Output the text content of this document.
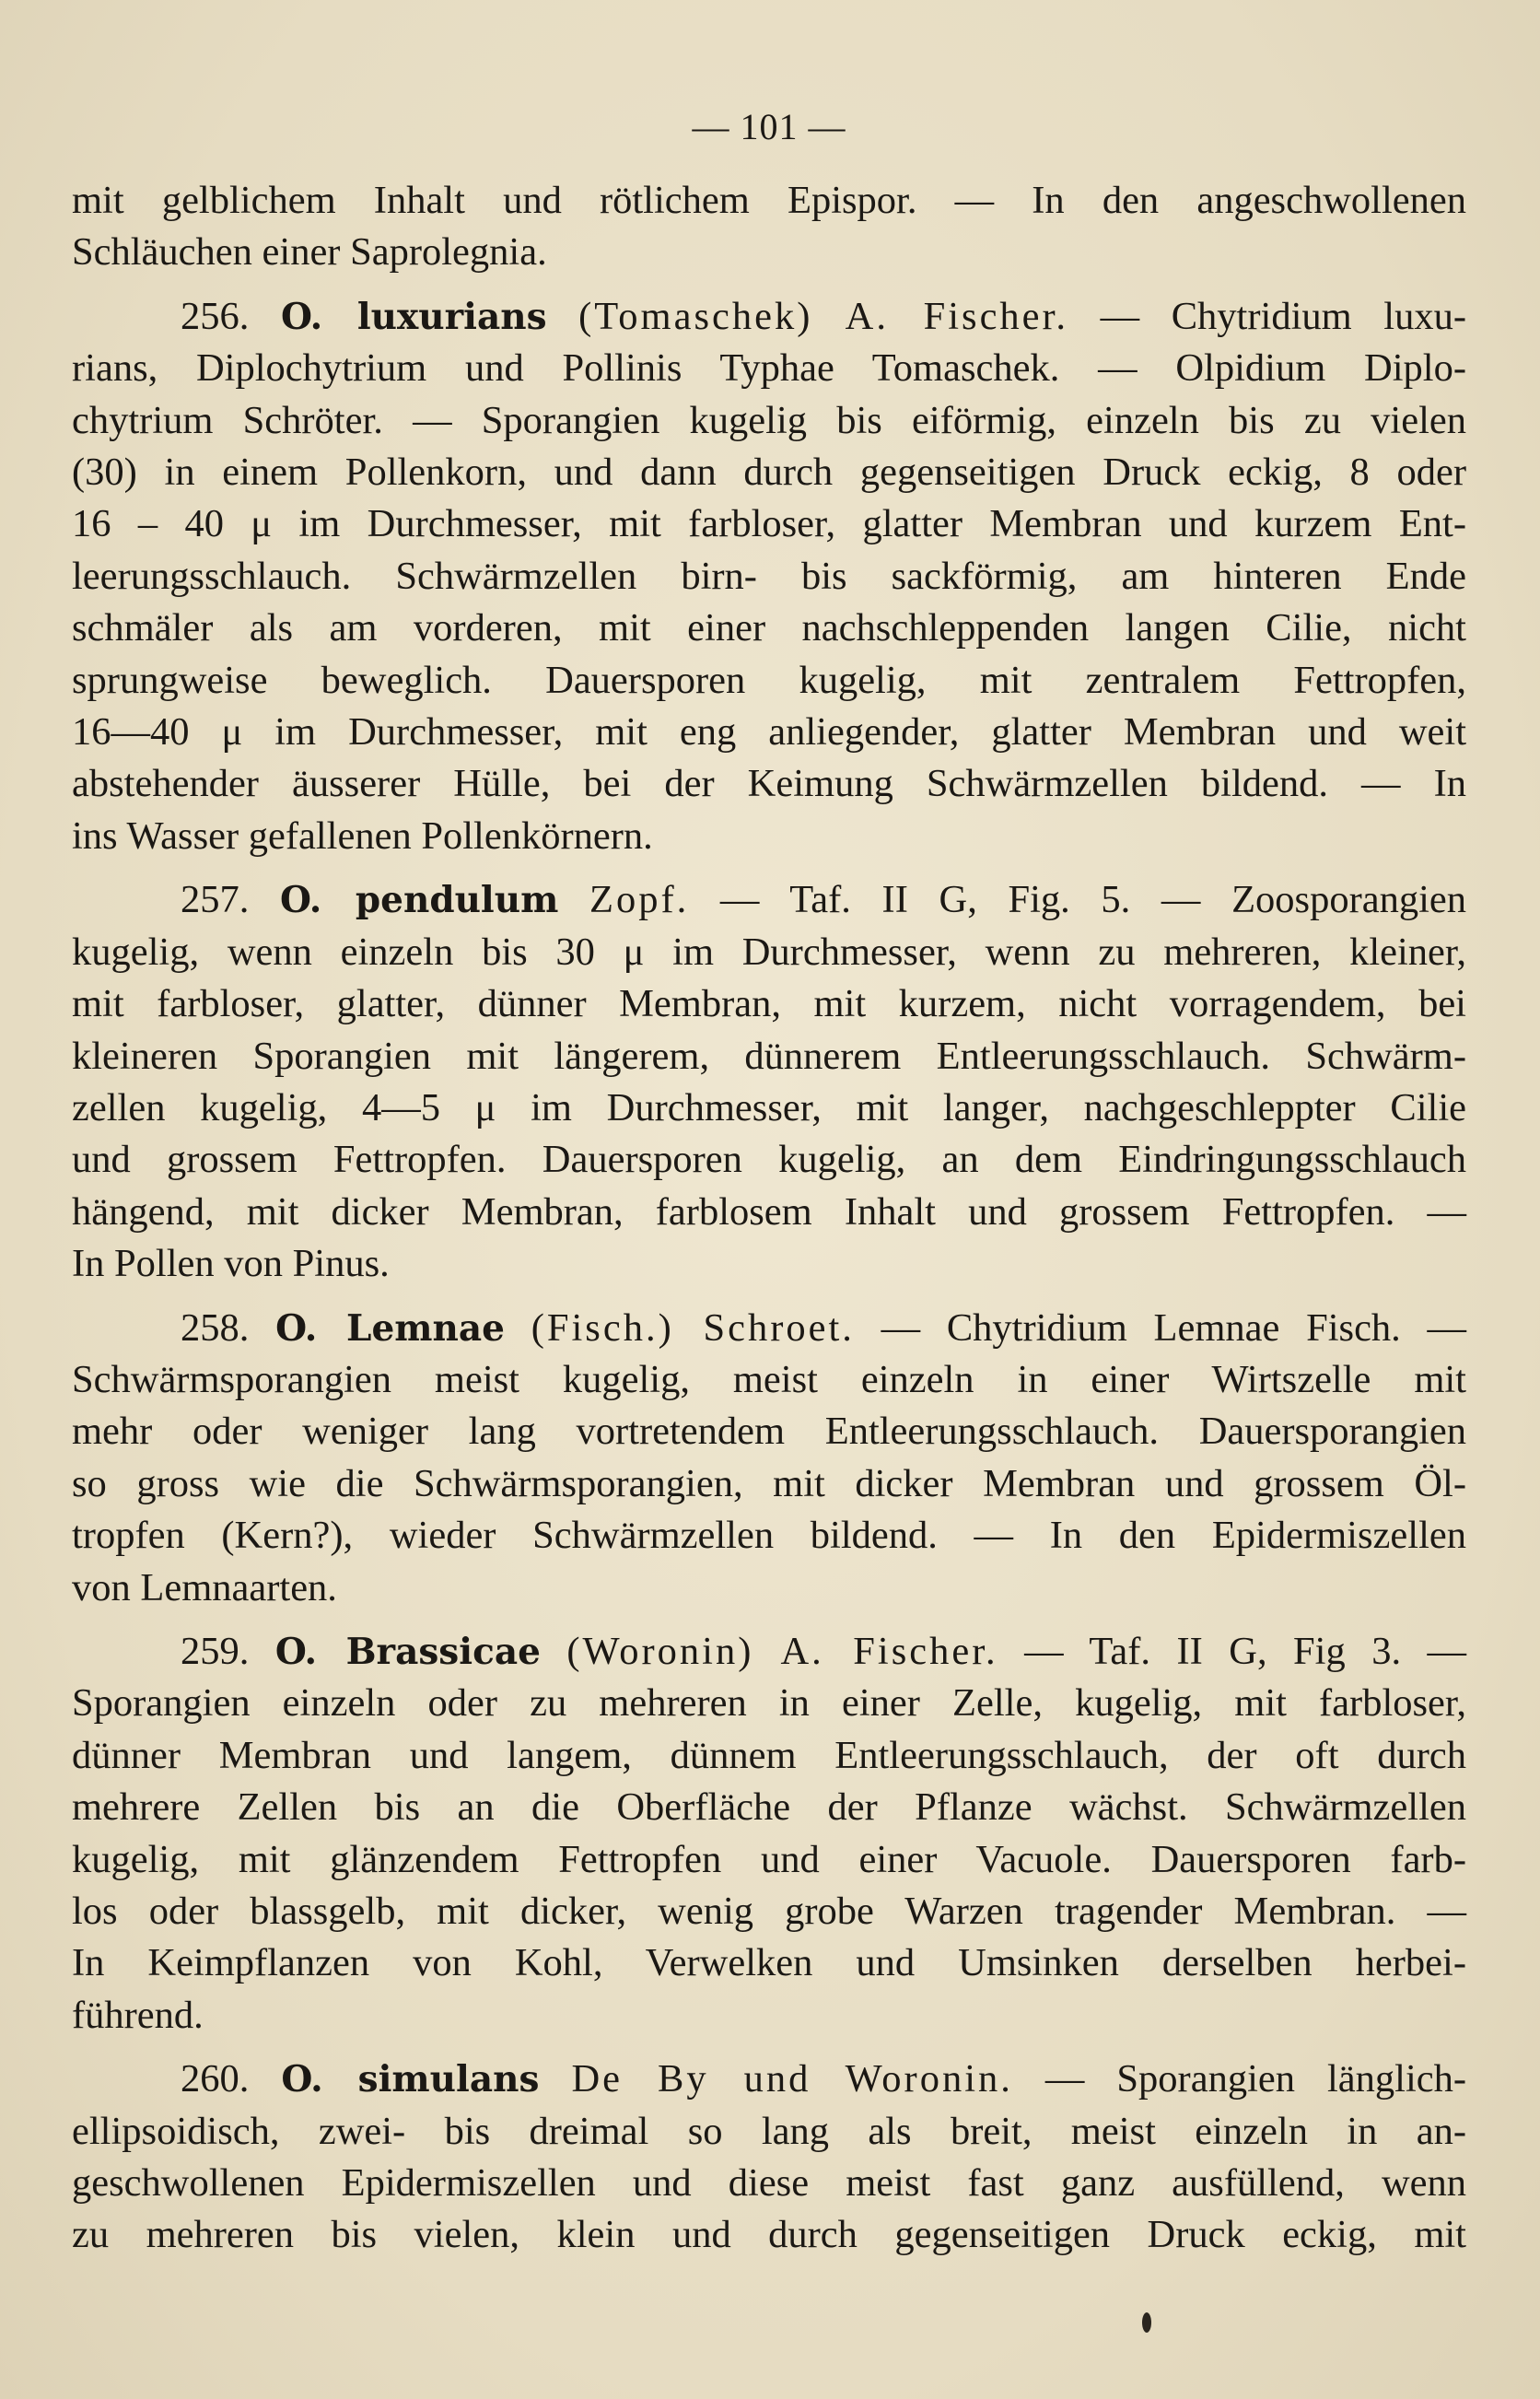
— 101 —
mit gelblichem Inhalt und rötlichem Epispor. — In den angeschwollenen
Schläuchen einer Saprolegnia.
256. O. luxurians (Tomaschek) A. Fischer. — Chytridium luxu-
rians, Diplochytrium und Pollinis Typhae Tomaschek. — Olpidium Diplo-
chytrium Schröter. — Sporangien kugelig bis eiförmig, einzeln bis zu vielen
(30) in einem Pollenkorn, und dann durch gegenseitigen Druck eckig, 8 oder
16 – 40 μ im Durchmesser, mit farbloser, glatter Membran und kurzem Ent-
leerungsschlauch. Schwärmzellen birn- bis sackförmig, am hinteren Ende
schmäler als am vorderen, mit einer nachschleppenden langen Cilie, nicht
sprungweise beweglich. Dauersporen kugelig, mit zentralem Fettropfen,
16—40 μ im Durchmesser, mit eng anliegender, glatter Membran und weit
abstehender äusserer Hülle, bei der Keimung Schwärmzellen bildend. — In
ins Wasser gefallenen Pollenkörnern.
257. O. pendulum Zopf. — Taf. II G, Fig. 5. — Zoosporangien
kugelig, wenn einzeln bis 30 μ im Durchmesser, wenn zu mehreren, kleiner,
mit farbloser, glatter, dünner Membran, mit kurzem, nicht vorragendem, bei
kleineren Sporangien mit längerem, dünnerem Entleerungsschlauch. Schwärm-
zellen kugelig, 4—5 μ im Durchmesser, mit langer, nachgeschleppter Cilie
und grossem Fettropfen. Dauersporen kugelig, an dem Eindringungsschlauch
hängend, mit dicker Membran, farblosem Inhalt und grossem Fettropfen. —
In Pollen von Pinus.
258. O. Lemnae (Fisch.) Schroet. — Chytridium Lemnae Fisch. —
Schwärmsporangien meist kugelig, meist einzeln in einer Wirtszelle mit
mehr oder weniger lang vortretendem Entleerungsschlauch. Dauersporangien
so gross wie die Schwärmsporangien, mit dicker Membran und grossem Öl-
tropfen (Kern?), wieder Schwärmzellen bildend. — In den Epidermiszellen
von Lemnaarten.
259. O. Brassicae (Woronin) A. Fischer. — Taf. II G, Fig 3. —
Sporangien einzeln oder zu mehreren in einer Zelle, kugelig, mit farbloser,
dünner Membran und langem, dünnem Entleerungsschlauch, der oft durch
mehrere Zellen bis an die Oberfläche der Pflanze wächst. Schwärmzellen
kugelig, mit glänzendem Fettropfen und einer Vacuole. Dauersporen farb-
los oder blassgelb, mit dicker, wenig grobe Warzen tragender Membran. —
In Keimpflanzen von Kohl, Verwelken und Umsinken derselben herbei-
führend.
260. O. simulans De By und Woronin. — Sporangien länglich-
ellipsoidisch, zwei- bis dreimal so lang als breit, meist einzeln in an-
geschwollenen Epidermiszellen und diese meist fast ganz ausfüllend, wenn
zu mehreren bis vielen, klein und durch gegenseitigen Druck eckig, mit
